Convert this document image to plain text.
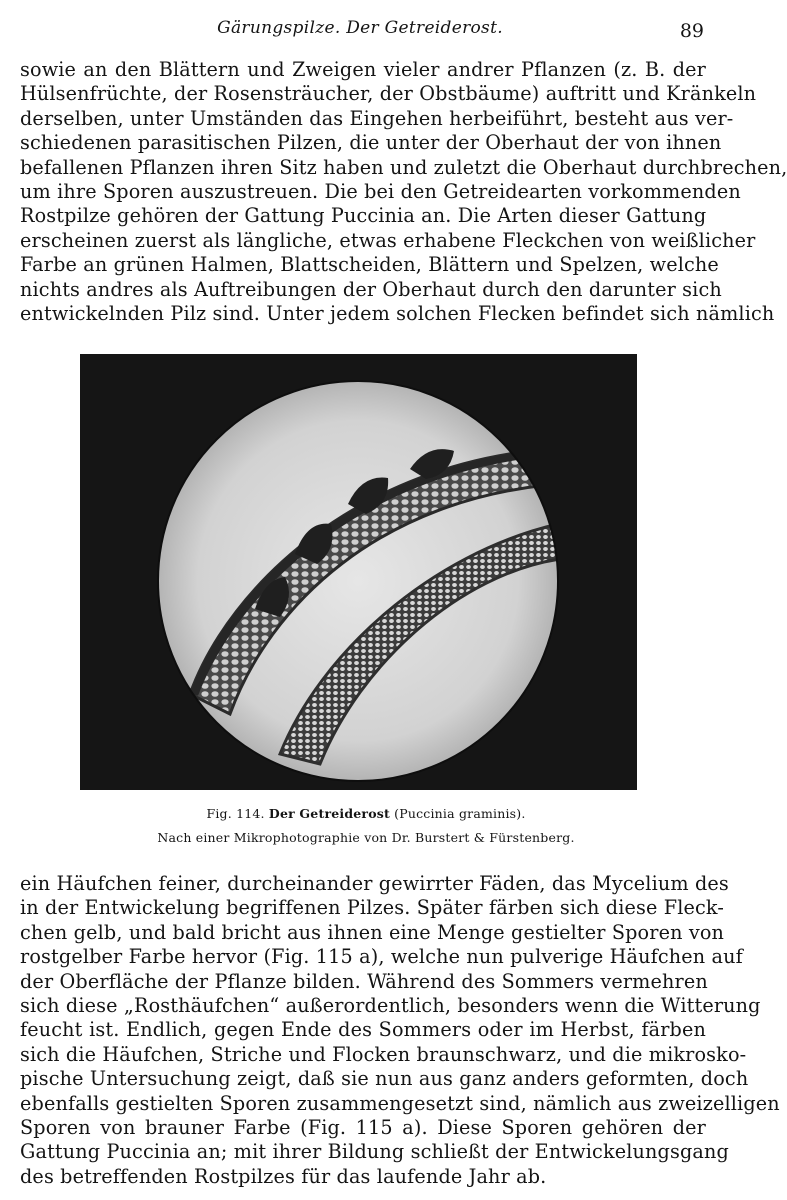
Gärungspilze. Der Getreiderost.	89
sowie an den Blättern und Zweigen vieler andrer Pflanzen (z. B. der
Hülsenfrüchte, der Rosensträucher, der Obstbäume) auftritt und Kränkeln
derselben, unter Umständen das Eingehen herbeiführt, besteht aus ver-
schiedenen parasitischen Pilzen, die unter der Oberhaut der von ihnen
befallenen Pflanzen ihren Sitz haben und zuletzt die Oberhaut durchbrechen,
um ihre Sporen auszustreuen. Die bei den Getreidearten vorkommenden
Rostpilze gehören der Gattung Puccinia an. Die Arten dieser Gattung
erscheinen zuerst als längliche, etwas erhabene Fleckchen von weißlicher
Farbe an grünen Halmen, Blattscheiden, Blättern und Spelzen, welche
nichts andres als Auftreibungen der Oberhaut durch den darunter sich
entwickelnden Pilz sind. Unter jedem solchen Flecken befindet sich nämlich
Fig. 114. Der Getreiderost (Puccinia graminis).
Nach einer Mikrophotographie von Dr. Burstert & Fürstenberg.
ein Häufchen feiner, durcheinander gewirrter Fäden, das Mycelium des
in der Entwickelung begriffenen Pilzes. Später färben sich diese Fleck-
chen gelb, und bald bricht aus ihnen eine Menge gestielter Sporen von
rostgelber Farbe hervor (Fig. 115 a), welche nun pulverige Häufchen auf
der Oberfläche der Pflanze bilden. Während des Sommers vermehren
sich diese „Rosthäufchen“ außerordentlich, besonders wenn die Witterung
feucht ist. Endlich, gegen Ende des Sommers oder im Herbst, färben
sich die Häufchen, Striche und Flocken braunschwarz, und die mikrosko-
pische Untersuchung zeigt, daß sie nun aus ganz anders geformten, doch
ebenfalls gestielten Sporen zusammengesetzt sind, nämlich aus zweizelligen
Sporen von brauner Farbe (Fig. 115 a). Diese Sporen gehören der
Gattung Puccinia an; mit ihrer Bildung schließt der Entwickelungsgang
des betreffenden Rostpilzes für das laufende Jahr ab.
